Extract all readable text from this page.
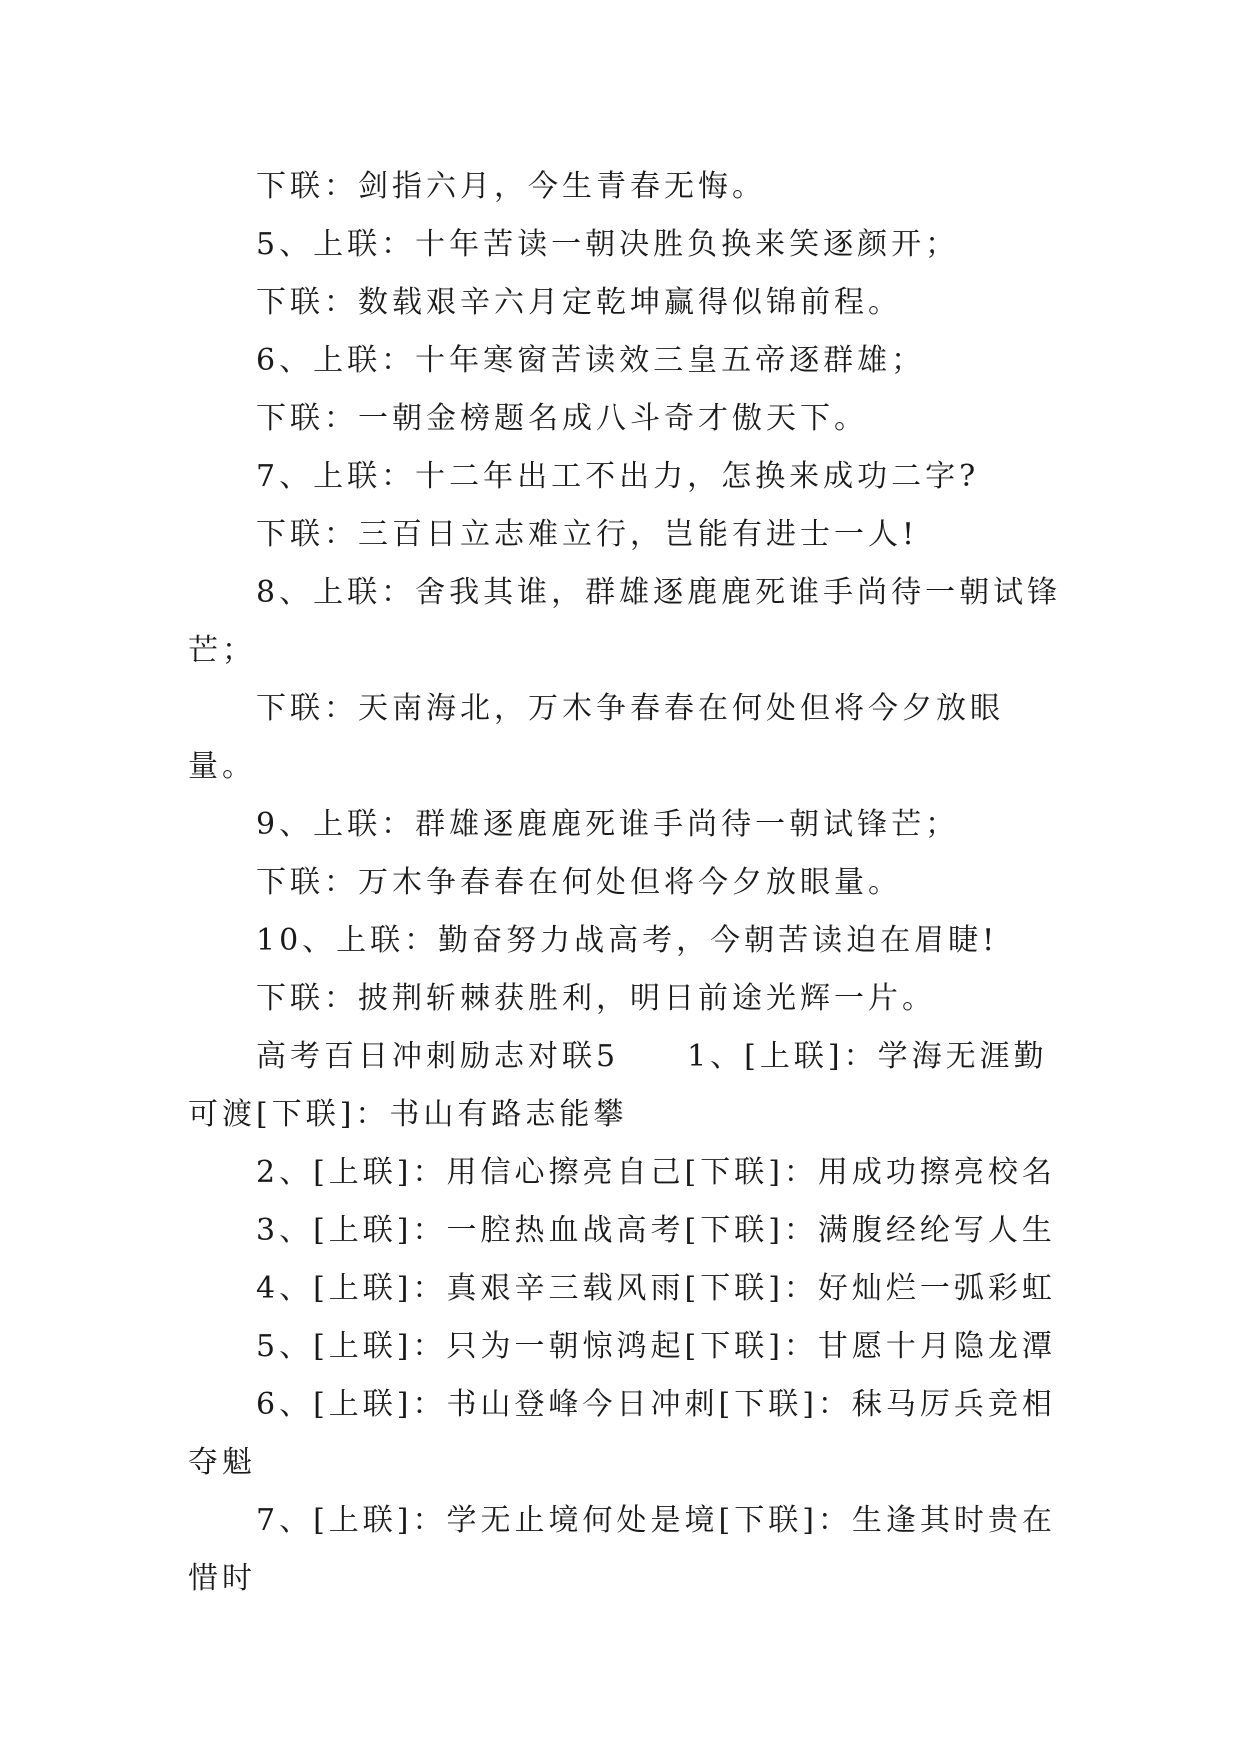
下联：剑指六月，今生青春无悔。

5、上联：十年苦读一朝决胜负换来笑逐颜开；

下联：数载艰辛六月定乾坤赢得似锦前程。

6、上联：十年寒窗苦读效三皇五帝逐群雄；

下联：一朝金榜题名成八斗奇才傲天下。

7、上联：十二年出工不出力，怎换来成功二字?

下联：三百日立志难立行，岂能有进士一人!

8、上联：舍我其谁，群雄逐鹿鹿死谁手尚待一朝试锋芒；

下联：天南海北，万木争春春在何处但将今夕放眼量。

9、上联：群雄逐鹿鹿死谁手尚待一朝试锋芒；

下联：万木争春春在何处但将今夕放眼量。

10、上联：勤奋努力战高考，今朝苦读迫在眉睫!

下联：披荆斩棘获胜利，明日前途光辉一片。

高考百日冲刺励志对联5　　1、[上联]：学海无涯勤可渡[下联]：书山有路志能攀

2、[上联]：用信心擦亮自己[下联]：用成功擦亮校名

3、[上联]：一腔热血战高考[下联]：满腹经纶写人生

4、[上联]：真艰辛三载风雨[下联]：好灿烂一弧彩虹

5、[上联]：只为一朝惊鸿起[下联]：甘愿十月隐龙潭

6、[上联]：书山登峰今日冲刺[下联]：秣马厉兵竞相夺魁

7、[上联]：学无止境何处是境[下联]：生逢其时贵在惜时
